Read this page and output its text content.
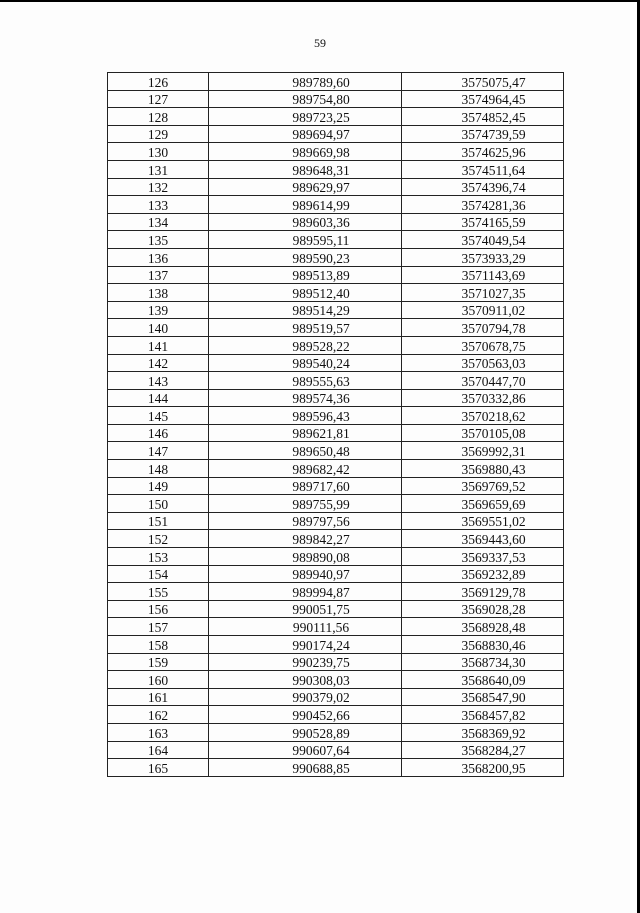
59
126	989789,60	3575075,47
127	989754,80	3574964,45
128	989723,25	3574852,45
129	989694,97	3574739,59
130	989669,98	3574625,96
131	989648,31	3574511,64
132	989629,97	3574396,74
133	989614,99	3574281,36
134	989603,36	3574165,59
135	989595,11	3574049,54
136	989590,23	3573933,29
137	989513,89	3571143,69
138	989512,40	3571027,35
139	989514,29	3570911,02
140	989519,57	3570794,78
141	989528,22	3570678,75
142	989540,24	3570563,03
143	989555,63	3570447,70
144	989574,36	3570332,86
145	989596,43	3570218,62
146	989621,81	3570105,08
147	989650,48	3569992,31
148	989682,42	3569880,43
149	989717,60	3569769,52
150	989755,99	3569659,69
151	989797,56	3569551,02
152	989842,27	3569443,60
153	989890,08	3569337,53
154	989940,97	3569232,89
155	989994,87	3569129,78
156	990051,75	3569028,28
157	990111,56	3568928,48
158	990174,24	3568830,46
159	990239,75	3568734,30
160	990308,03	3568640,09
161	990379,02	3568547,90
162	990452,66	3568457,82
163	990528,89	3568369,92
164	990607,64	3568284,27
165	990688,85	3568200,95
